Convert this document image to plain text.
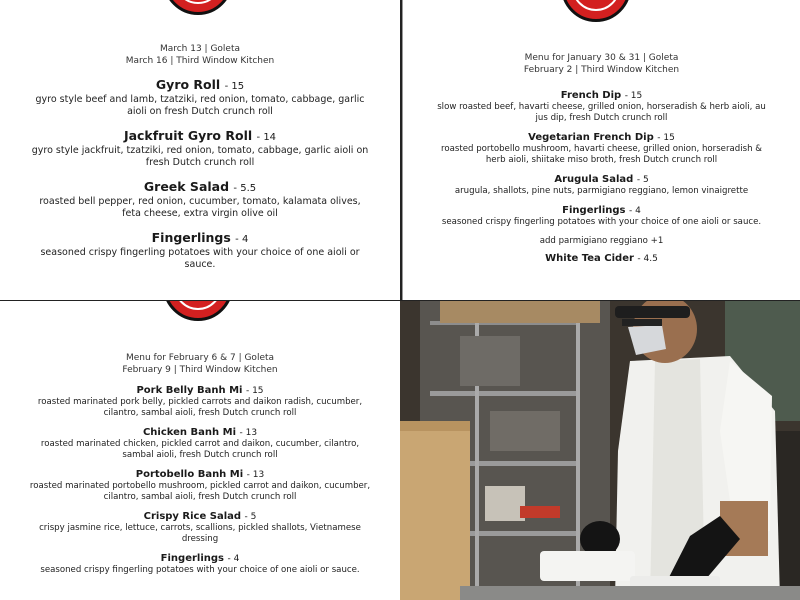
March 13 | Goleta
March 16 | Third Window Kitchen
Gyro Roll - 15
gyro style beef and lamb, tzatziki, red onion, tomato, cabbage, garlic aioli on fresh Dutch crunch roll
Jackfruit Gyro Roll - 14
gyro style jackfruit, tzatziki, red onion, tomato, cabbage, garlic aioli on fresh Dutch crunch roll
Greek Salad - 5.5
roasted bell pepper, red onion, cucumber, tomato, kalamata olives, feta cheese, extra virgin olive oil
Fingerlings - 4
seasoned crispy fingerling potatoes with your choice of one aioli or sauce.
Menu for January 30 & 31 | Goleta
February 2 | Third Window Kitchen
French Dip - 15
slow roasted beef, havarti cheese, grilled onion, horseradish & herb aioli, au jus dip, fresh Dutch crunch roll
Vegetarian French Dip - 15
roasted portobello mushroom, havarti cheese, grilled onion, horseradish & herb aioli, shiitake miso broth, fresh Dutch crunch roll
Arugula Salad - 5
arugula, shallots, pine nuts, parmigiano reggiano, lemon vinaigrette
Fingerlings - 4
seasoned crispy fingerling potatoes with your choice of one aioli or sauce.
add parmigiano reggiano +1
White Tea Cider - 4.5
Menu for February 6 & 7 | Goleta
February 9 | Third Window Kitchen
Pork Belly Banh Mi - 15
roasted marinated pork belly, pickled carrots and daikon radish, cucumber, cilantro, sambal aioli, fresh Dutch crunch roll
Chicken Banh Mi - 13
roasted marinated chicken, pickled carrot and daikon, cucumber, cilantro, sambal aioli, fresh Dutch crunch roll
Portobello Banh Mi - 13
roasted marinated portobello mushroom, pickled carrot and daikon, cucumber, cilantro, sambal aioli, fresh Dutch crunch roll
Crispy Rice Salad - 5
crispy jasmine rice, lettuce, carrots, scallions, pickled shallots, Vietnamese dressing
Fingerlings - 4
seasoned crispy fingerling potatoes with your choice of one aioli or sauce.
